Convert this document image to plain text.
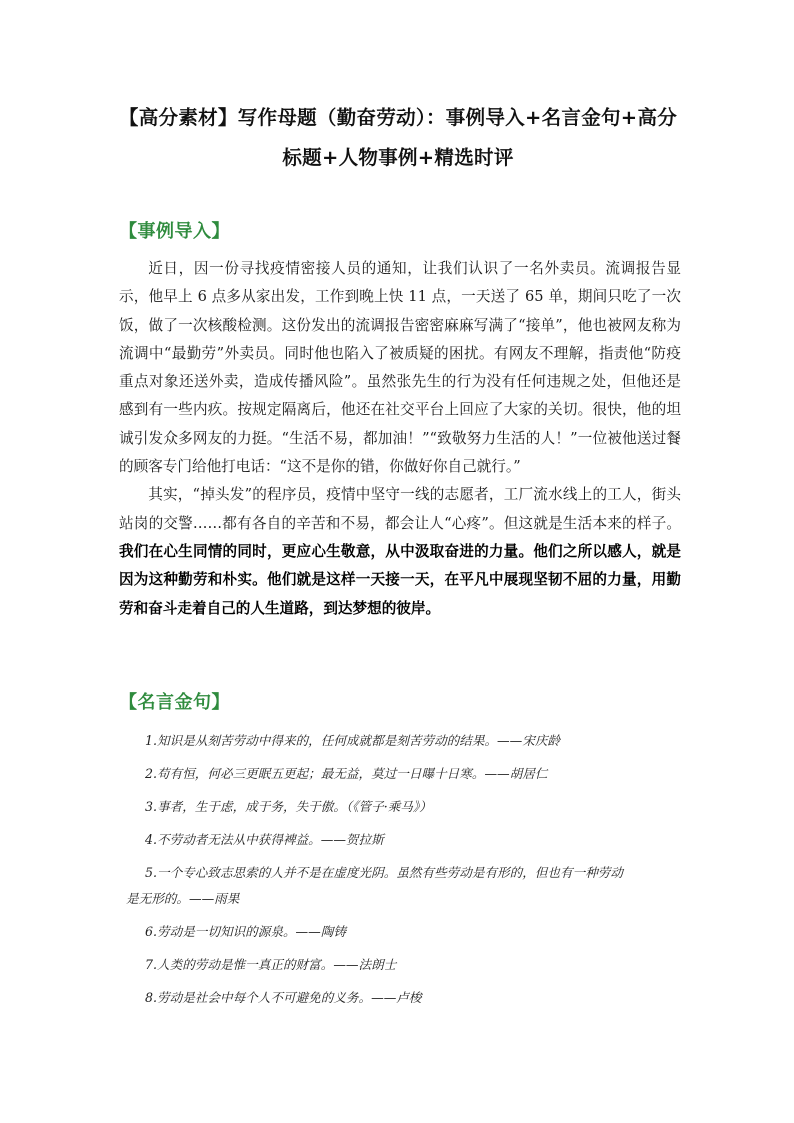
【高分素材】写作母题（勤奋劳动）：事例导入+名言金句+高分
标题+人物事例+精选时评
【事例导入】

近日，因一份寻找疫情密接人员的通知，让我们认识了一名外卖员。流调报告显示，他早上 6 点多从家出发，工作到晚上快 11 点，一天送了 65 单，期间只吃了一次饭，做了一次核酸检测。这份发出的流调报告密密麻麻写满了“接单”，他也被网友称为流调中“最勤劳”外卖员。同时他也陷入了被质疑的困扰。有网友不理解，指责他“防疫重点对象还送外卖，造成传播风险”。虽然张先生的行为没有任何违规之处，但他还是感到有一些内疚。按规定隔离后，他还在社交平台上回应了大家的关切。很快，他的坦诚引发众多网友的力挺。“生活不易，都加油！”“致敬努力生活的人！”一位被他送过餐的顾客专门给他打电话：“这不是你的错，你做好你自己就行。”

其实，“掉头发”的程序员，疫情中坚守一线的志愿者，工厂流水线上的工人，街头站岗的交警……都有各自的辛苦和不易，都会让人“心疼”。但这就是生活本来的样子。我们在心生同情的同时，更应心生敬意，从中汲取奋进的力量。他们之所以感人，就是因为这种勤劳和朴实。他们就是这样一天接一天，在平凡中展现坚韧不屈的力量，用勤劳和奋斗走着自己的人生道路，到达梦想的彼岸。

【名言金句】

1.知识是从刻苦劳动中得来的，任何成就都是刻苦劳动的结果。——宋庆龄

2.苟有恒，何必三更眠五更起；最无益，莫过一日曝十日寒。——胡居仁

3.事者，生于虑，成于务，失于傲。（《管子·乘马》）

4.不劳动者无法从中获得裨益。——贺拉斯

5.一个专心致志思索的人并不是在虚度光阴。虽然有些劳动是有形的，但也有一种劳动
是无形的。——雨果

6.劳动是一切知识的源泉。——陶铸

7.人类的劳动是惟一真正的财富。——法朗士

8.劳动是社会中每个人不可避免的义务。——卢梭
